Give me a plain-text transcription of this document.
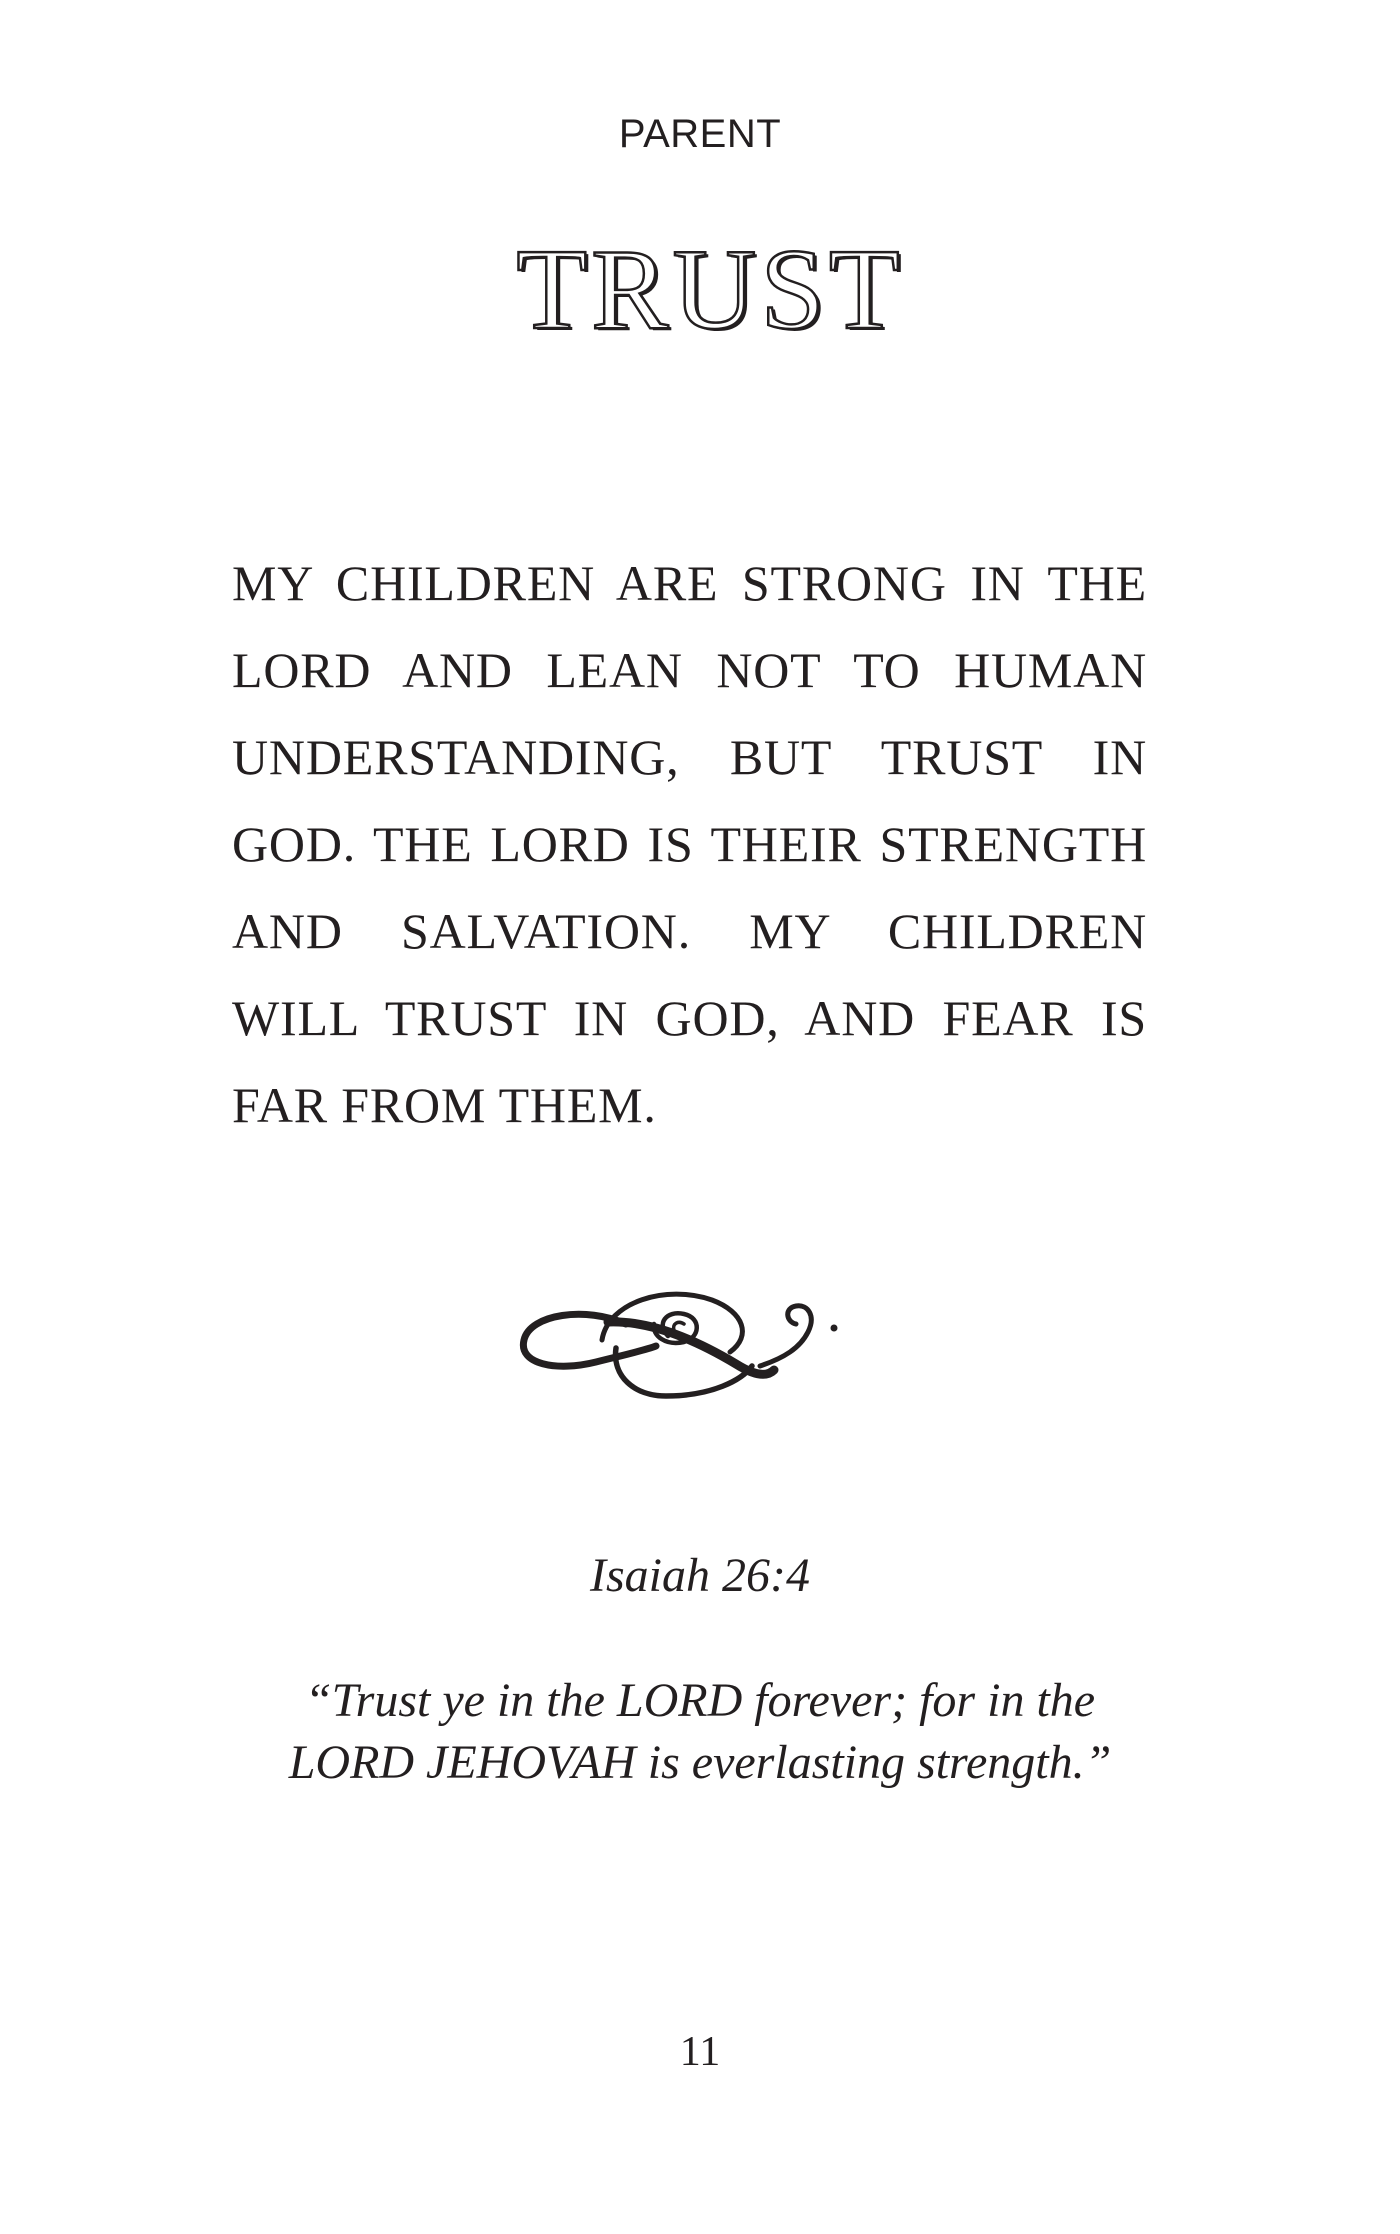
PARENT
TRUST

MY CHILDREN ARE STRONG IN THE LORD AND LEAN NOT TO HUMAN UNDERSTANDING, BUT TRUST IN GOD. THE LORD IS THEIR STRENGTH AND SALVATION. MY CHILDREN WILL TRUST IN GOD, AND FEAR IS FAR FROM THEM.

Isaiah 26:4

“Trust ye in the LORD forever; for in the
LORD JEHOVAH is everlasting strength.”

11
